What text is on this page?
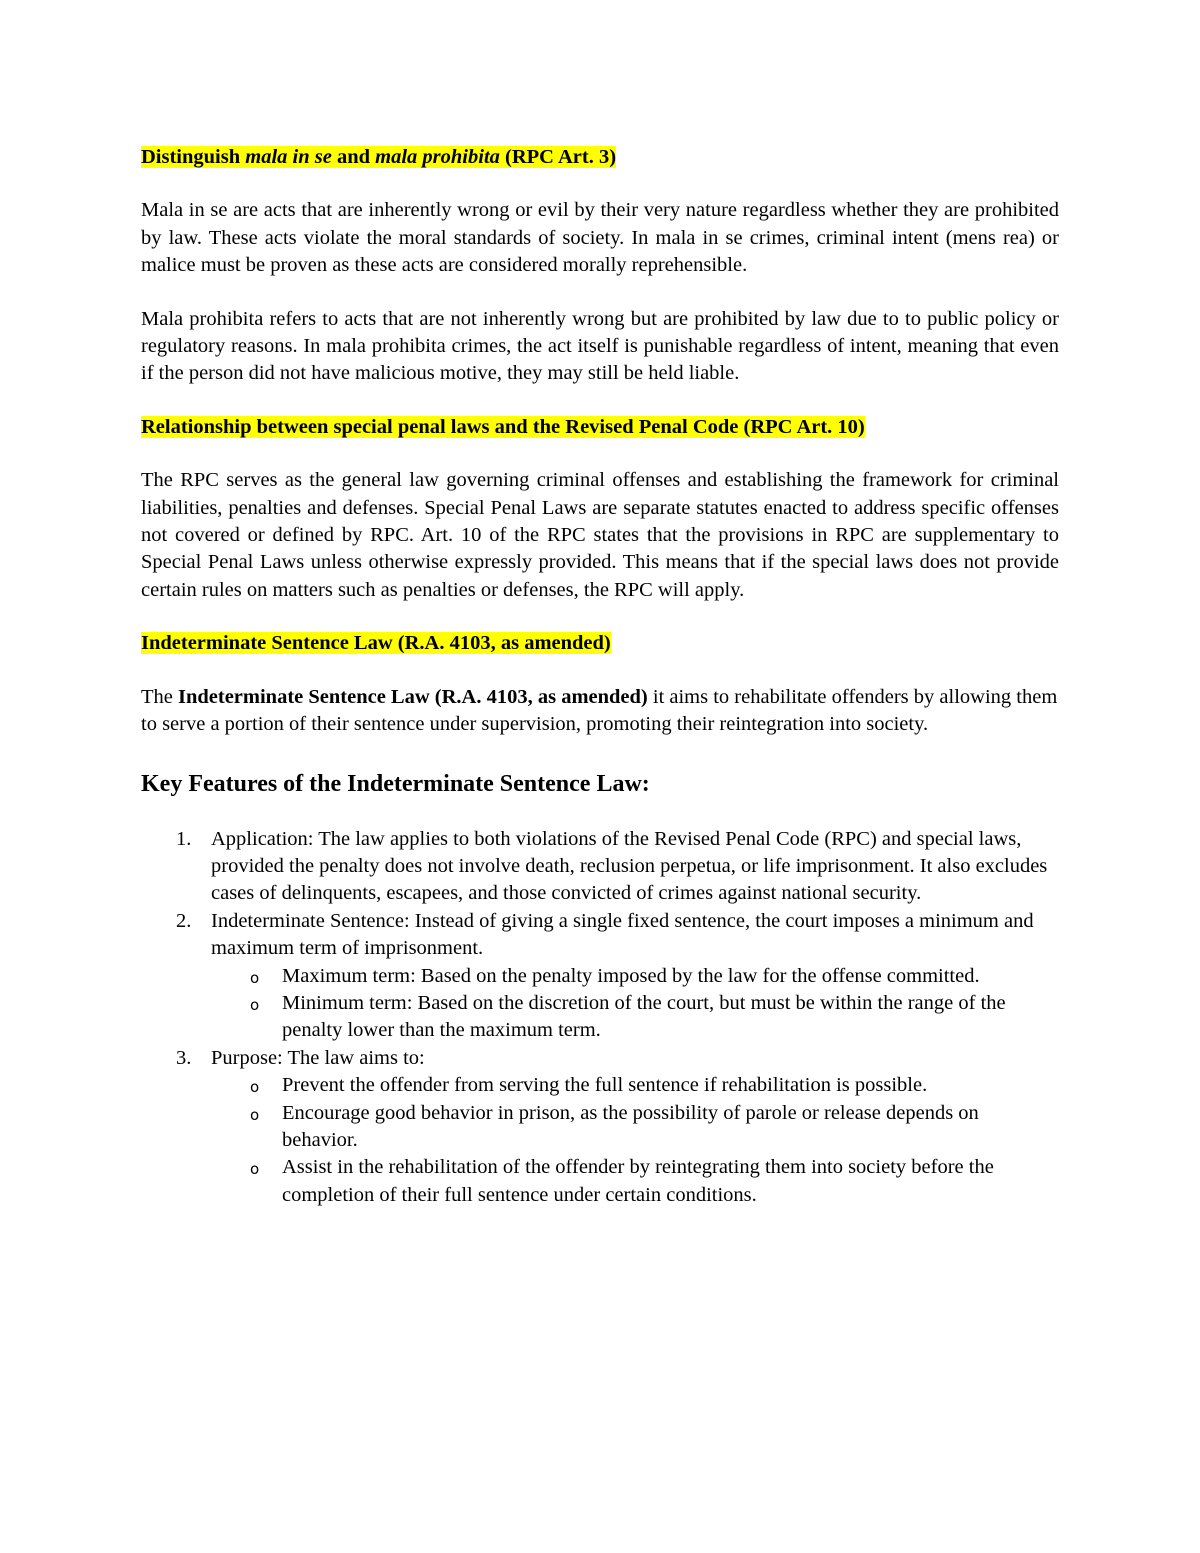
Distinguish mala in se and mala prohibita (RPC Art. 3)

Mala in se are acts that are inherently wrong or evil by their very nature regardless whether they are prohibited by law. These acts violate the moral standards of society. In mala in se crimes, criminal intent (mens rea) or malice must be proven as these acts are considered morally reprehensible.

Mala prohibita refers to acts that are not inherently wrong but are prohibited by law due to to public policy or regulatory reasons. In mala prohibita crimes, the act itself is punishable regardless of intent, meaning that even if the person did not have malicious motive, they may still be held liable.

Relationship between special penal laws and the Revised Penal Code (RPC Art. 10)

The RPC serves as the general law governing criminal offenses and establishing the framework for criminal liabilities, penalties and defenses. Special Penal Laws are separate statutes enacted to address specific offenses not covered or defined by RPC. Art. 10 of the RPC states that the provisions in RPC are supplementary to Special Penal Laws unless otherwise expressly provided. This means that if the special laws does not provide certain rules on matters such as penalties or defenses, the RPC will apply.

Indeterminate Sentence Law (R.A. 4103, as amended)

The Indeterminate Sentence Law (R.A. 4103, as amended) it aims to rehabilitate offenders by allowing them to serve a portion of their sentence under supervision, promoting their reintegration into society.

Key Features of the Indeterminate Sentence Law:

1. Application: The law applies to both violations of the Revised Penal Code (RPC) and special laws, provided the penalty does not involve death, reclusion perpetua, or life imprisonment. It also excludes cases of delinquents, escapees, and those convicted of crimes against national security.
2. Indeterminate Sentence: Instead of giving a single fixed sentence, the court imposes a minimum and maximum term of imprisonment.
o Maximum term: Based on the penalty imposed by the law for the offense committed.
o Minimum term: Based on the discretion of the court, but must be within the range of the penalty lower than the maximum term.
3. Purpose: The law aims to:
o Prevent the offender from serving the full sentence if rehabilitation is possible.
o Encourage good behavior in prison, as the possibility of parole or release depends on behavior.
o Assist in the rehabilitation of the offender by reintegrating them into society before the completion of their full sentence under certain conditions.
